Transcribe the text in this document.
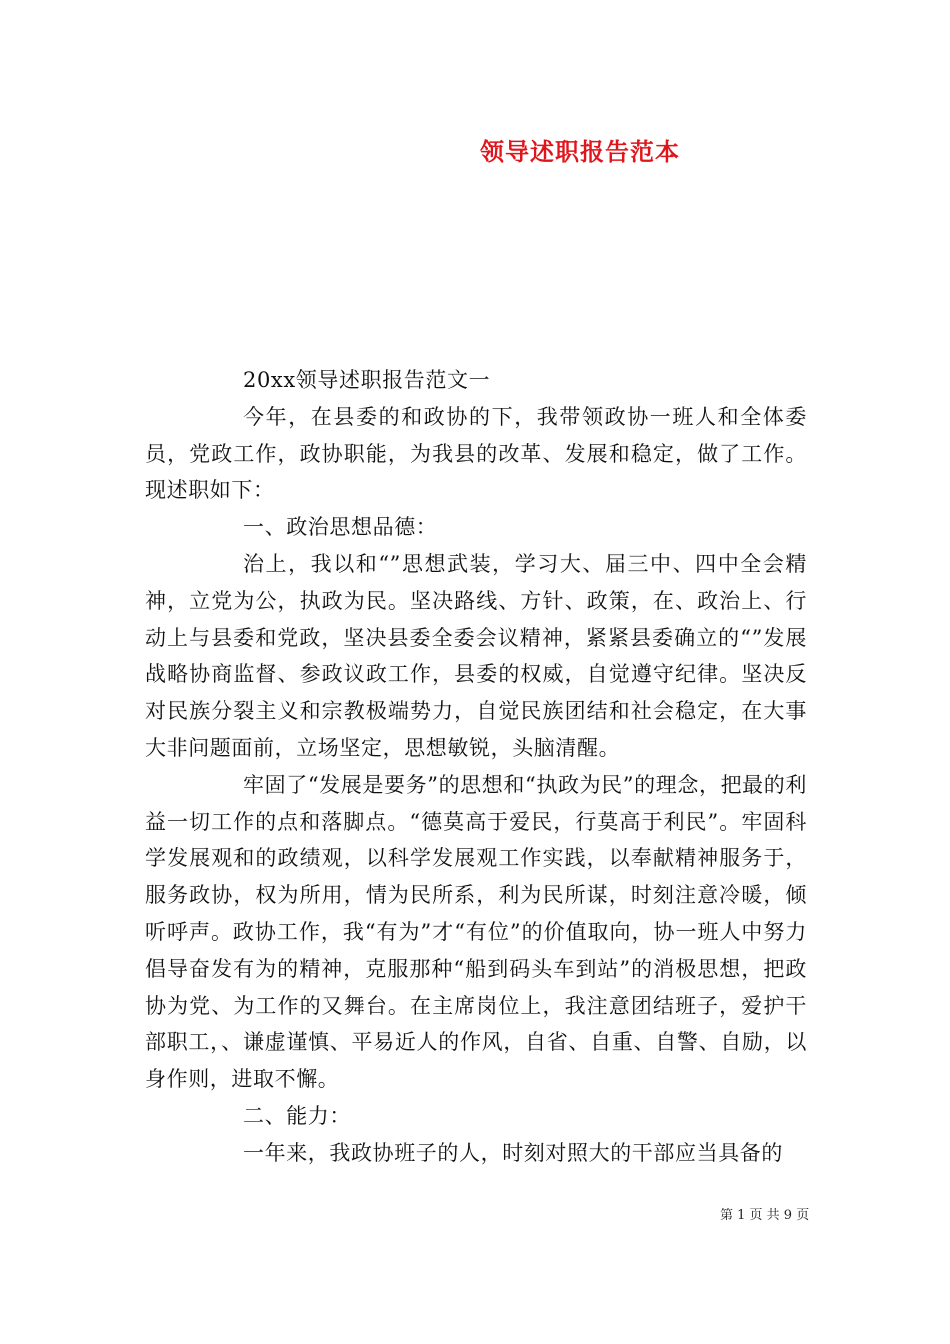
领导述职报告范本

20xx领导述职报告范文一

今年，在县委的和政协的下，我带领政协一班人和全体委员，党政工作，政协职能，为我县的改革、发展和稳定，做了工作。现述职如下：

一、政治思想品德：

治上，我以和“”思想武装，学习大、届三中、四中全会精神，立党为公，执政为民。坚决路线、方针、政策，在、政治上、行动上与县委和党政，坚决县委全委会议精神，紧紧县委确立的“”发展战略协商监督、参政议政工作，县委的权威，自觉遵守纪律。坚决反对民族分裂主义和宗教极端势力，自觉民族团结和社会稳定，在大事大非问题面前，立场坚定，思想敏锐，头脑清醒。

牢固了“发展是要务”的思想和“执政为民”的理念，把最的利益一切工作的点和落脚点。“德莫高于爱民，行莫高于利民”。牢固科学发展观和的政绩观，以科学发展观工作实践，以奉献精神服务于，服务政协，权为所用，情为民所系，利为民所谋，时刻注意冷暖，倾听呼声。政协工作，我“有为”才“有位”的价值取向，协一班人中努力倡导奋发有为的精神，克服那种“船到码头车到站”的消极思想，把政协为党、为工作的又舞台。在主席岗位上，我注意团结班子，爱护干部职工，、谦虚谨慎、平易近人的作风，自省、自重、自警、自励，以身作则，进取不懈。

二、能力：

一年来，我政协班子的人，时刻对照大的干部应当具备的

第 1 页 共 9 页
